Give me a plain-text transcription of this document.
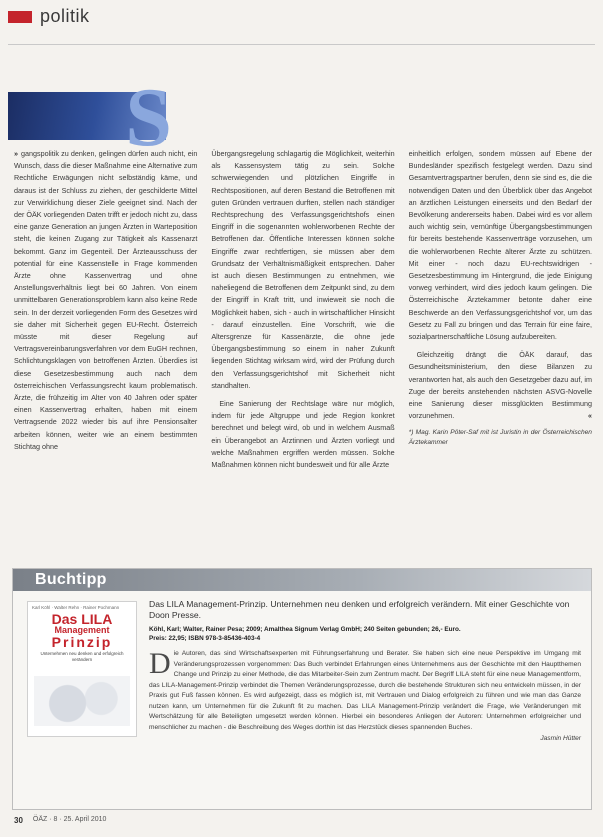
politik
S

» gangspolitik zu denken, gelingen dürfen auch nicht, ein Wunsch, dass die dieser Maßnahme eine Alternative zum Rechtliche Erwägungen nicht selbständig käme, und daraus ist der Schluss zu ziehen, der geschilderte Mittel zur Verwirklichung dieser Ziele geeignet sind. Nach der der ÖÄK vorliegenden Daten trifft er jedoch nicht zu, dass eine ganze Generation an jungen Ärzten in Warteposition steht, die keinen Zugang zur Tätigkeit als Kassenarzt bekommt. Ganz im Gegenteil. Der Ärzteausschuss der potential für eine Kassenstelle in Frage kommenden Ärzte ohne Kassenvertrag und ohne Anstellungsverhältnis liegt bei 60 Jahren. Von einem unmittelbaren Generationsproblem kann also keine Rede sein. In der derzeit vorliegenden Form des Gesetzes wird sie daher mit Sicherheit gegen EU-Recht. Österreich müsste mit dieser Regelung auf Vertragsvereinbarungsverfahren vor dem EuGH rechnen, Schlichtungsklagen von betroffenen Ärzten. Überdies ist diese Gesetzesbestimmung auch nach dem österreichischen Verfassungsrecht kaum problematisch. Ärzte, die frühzeitig im Alter von 40 Jahren oder später einen Kassenvertrag erhalten, haben mit einem Vertragsende 2022 wieder bis auf ihre Pensionsalter arbeiten können, weiter wie an einem bestimmten Stichtag ohne

Übergangsregelung schlagartig die Möglichkeit, weiterhin als Kassensystem tätig zu sein. Solche schwerwiegenden und plötzlichen Eingriffe in Rechtspositionen, auf deren Bestand die Betroffenen mit guten Gründen vertrauen durften, stellen nach ständiger Rechtsprechung des Verfassungsgerichtshofs einen Eingriff in die sogenannten wohlerworbenen Rechte der Betroffenen dar. Öffentliche Interessen können solche Eingriffe zwar rechtfertigen, sie müssen aber dem Grundsatz der Verhältnismäßigkeit entsprechen. Daher ist auch diesen Bestimmungen zu entnehmen, wie naheliegend die Betroffenen dem Zeitpunkt sind, zu dem der Eingriff in Kraft tritt, und inwieweit sie noch die Möglichkeit haben, sich - auch in wirtschaftlicher Hinsicht - darauf einzustellen. Eine Vorschrift, wie die Altersgrenze für Kassenärzte, die ohne jede Übergangsbestimmung so einem in naher Zukunft liegenden Stichtag wirksam wird, wird der Prüfung durch den Verfassungsgerichtshof mit Sicherheit nicht standhalten.

Eine Sanierung der Rechtslage wäre nur möglich, indem für jede Altgruppe und jede Region konkret berechnet und belegt wird, ob und in welchem Ausmaß ein Überangebot an Ärztinnen und Ärzten vorliegt und welche Maßnahmen ergriffen werden müssen. Solche Maßnahmen können nicht bundesweit und für alle Ärzte

einheitlich erfolgen, sondern müssen auf Ebene der Bundesländer spezifisch festgelegt werden. Dazu sind Gesamtvertragspartner berufen, denn sie sind es, die die notwendigen Daten und den Überblick über das Angebot an ärztlichen Leistungen einerseits und den Bedarf der Bevölkerung andererseits haben. Dabei wird es vor allem auch wichtig sein, vernünftige Übergangsbestimmungen für bereits bestehende Kassenverträge vorzusehen, um die wohlerworbenen Rechte älterer Ärzte zu schützen. Mit einer - noch dazu EU-rechtswidrigen - Gesetzesbestimmung im Hintergrund, die jede Einigung vorweg verhindert, wird dies jedoch kaum gelingen. Die Österreichische Ärztekammer betonte daher eine Beschwerde an den Verfassungsgerichtshof vor, um das Gesetz zu Fall zu bringen und das Terrain für eine faire, sozialpartnerschaftliche Lösung aufzubereiten.

Gleichzeitig drängt die ÖÄK darauf, das Gesundheitsministerium, den diese Bilanzen zu verantworten hat, als auch den Gesetzgeber dazu auf, im Zuge der bereits anstehenden nächsten ASVG-Novelle eine Sanierung dieser missglückten Bestimmung vorzunehmen.	«

*) Mag. Karin Pöter-Saf mit ist Juristin in der Österreichischen Ärztekammer
Buchtipp
Karl Köhl · Walter Rehn · Rainer Pochmann
Das LILA
Management
Prinzip
Unternehmen neu denken und erfolgreich verändern
Das LILA Management-Prinzip. Unternehmen neu denken und erfolgreich verändern. Mit einer Geschichte von Doon Presse.
Köhl, Karl; Walter, Rainer Pesa; 2009; Amalthea Signum Verlag GmbH; 240 Seiten gebunden; 26,- Euro.
Preis: 22,95; ISBN 978-3-85436-403-4
Die Autoren, das sind Wirtschaftsexperten mit Führungserfahrung und Berater. Sie haben sich eine neue Perspektive im Umgang mit Veränderungsprozessen vorgenommen: Das Buch verbindet Erfahrungen eines Unternehmens aus der Geschichte mit den Hauptthemen Change und Prinzip zu einer Methode, die das Mitarbeiter-Sein zum Zentrum macht. Der Begriff LILA steht für eine neue Managementform, das LILA-Management-Prinzip verbindet die Themen Veränderungsprozesse, durch die bestehende Strukturen sich neu entwickeln müssen, in der Praxis gut Fuß fassen können. Es wird aufgezeigt, dass es möglich ist, mit Vertrauen und Dialog erfolgreich zu führen und wie man das Ganze nutzen kann, um Unternehmen für die Zukunft fit zu machen. Das LILA Management-Prinzip verändert die Frage, wie Veränderungen mit Wertschätzung für alle Beteiligten umgesetzt werden können. Hierbei ein besonderes Anliegen der Autoren: Unternehmen erfolgreicher und menschlicher zu machen - die Beschreibung des Weges dorthin ist das Herzstück dieses spannenden Buches.
Jasmin Hütter
30 ÖÄZ · 8 · 25. April 2010
